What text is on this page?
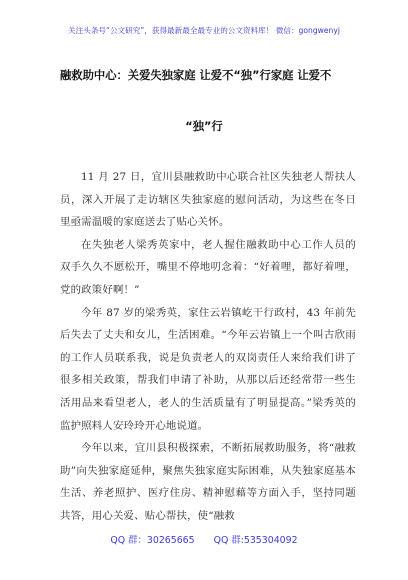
关注头条号“公文研究”，获得最新最全最专业的公文资料库！ 微信：gongwenyj
融救助中心：关爱失独家庭 让爱不“独”行家庭 让爱不
“独”行

11 月 27 日，宜川县融救助中心联合社区失独老人帮扶人员，深入开展了走访辖区失独家庭的慰问活动，为这些在冬日里亟需温暖的家庭送去了贴心关怀。

在失独老人梁秀英家中，老人握住融救助中心工作人员的双手久久不愿松开，嘴里不停地叨念着：“好着哩，都好着哩，党的政策好啊！”

今年 87 岁的梁秀英，家住云岩镇屹干行政村，43 年前先后失去了丈夫和女儿，生活困难。“今年云岩镇上一个叫古欣雨的工作人员联系我，说是负责老人的双岗责任人来给我们讲了很多相关政策，帮我们申请了补助，从那以后还经常带一些生活用品来看望老人，老人的生活质量有了明显提高。”梁秀英的监护照料人安玲玲开心地说道。

今年以来，宜川县积极探索，不断拓展救助服务，将“融救助”向失独家庭延伸，聚焦失独家庭实际困难，从失独家庭基本生活、养老照护、医疗住房、精神慰藉等方面入手，坚持同题共答，用心关爱、贴心帮扶，使“融救

QQ 群：30265665 QQ 群:535304092
